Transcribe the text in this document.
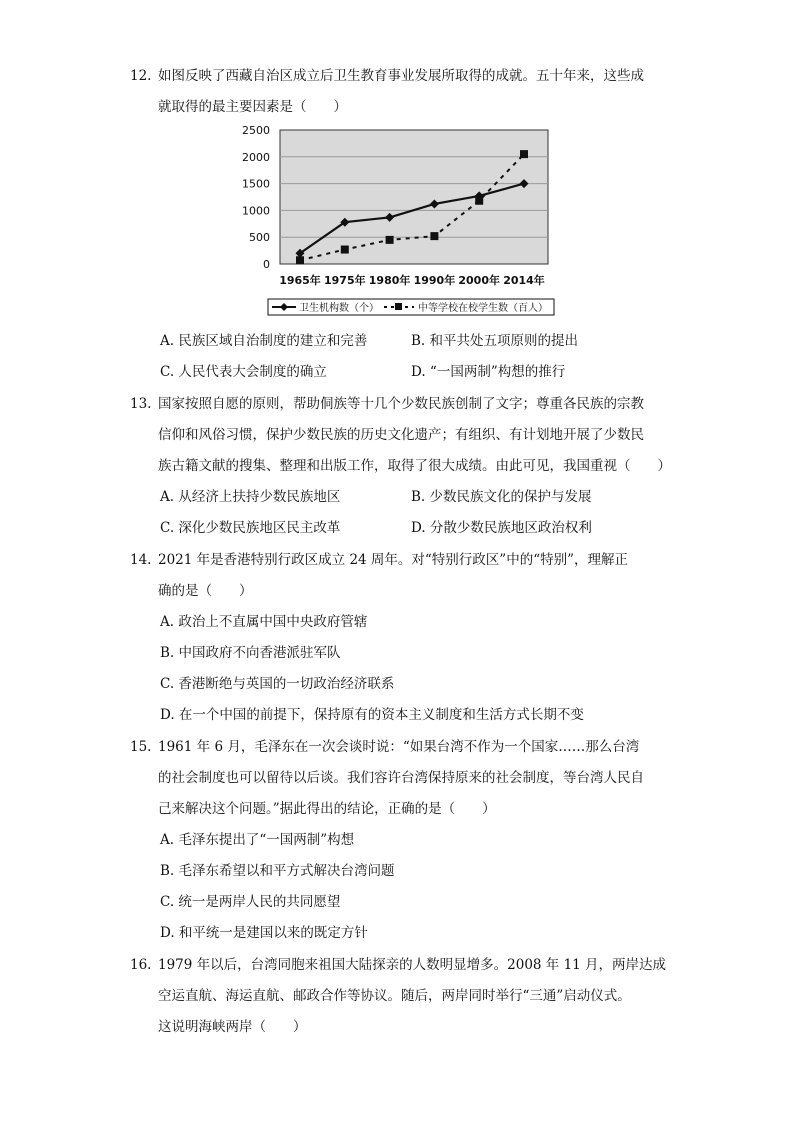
12. 如图反映了西藏自治区成立后卫生教育事业发展所取得的成就。五十年来，这些成
就取得的最主要因素是（　　）
2500
2000
1500
1000
500
0
1965年 1975年 1980年 1990年 2000年 2014年
卫生机构数（个）	中等学校在校学生数（百人）
A. 民族区域自治制度的建立和完善	B. 和平共处五项原则的提出
C. 人民代表大会制度的确立	D. “一国两制”构想的推行
13. 国家按照自愿的原则，帮助侗族等十几个少数民族创制了文字；尊重各民族的宗教
信仰和风俗习惯，保护少数民族的历史文化遗产；有组织、有计划地开展了少数民
族古籍文献的搜集、整理和出版工作，取得了很大成绩。由此可见，我国重视（　　）
A. 从经济上扶持少数民族地区	B. 少数民族文化的保护与发展
C. 深化少数民族地区民主改革	D. 分散少数民族地区政治权利
14. 2021 年是香港特别行政区成立 24 周年。对“特别行政区”中的“特别”，理解正
确的是（　　）
A. 政治上不直属中国中央政府管辖
B. 中国政府不向香港派驻军队
C. 香港断绝与英国的一切政治经济联系
D. 在一个中国的前提下，保持原有的资本主义制度和生活方式长期不变
15. 1961 年 6 月，毛泽东在一次会谈时说：“如果台湾不作为一个国家……那么台湾
的社会制度也可以留待以后谈。我们容许台湾保持原来的社会制度，等台湾人民自
己来解决这个问题。”据此得出的结论，正确的是（　　）
A. 毛泽东提出了“一国两制”构想
B. 毛泽东希望以和平方式解决台湾问题
C. 统一是两岸人民的共同愿望
D. 和平统一是建国以来的既定方针
16. 1979 年以后，台湾同胞来祖国大陆探亲的人数明显增多。2008 年 11 月，两岸达成
空运直航、海运直航、邮政合作等协议。随后，两岸同时举行“三通”启动仪式。
这说明海峡两岸（　　）
